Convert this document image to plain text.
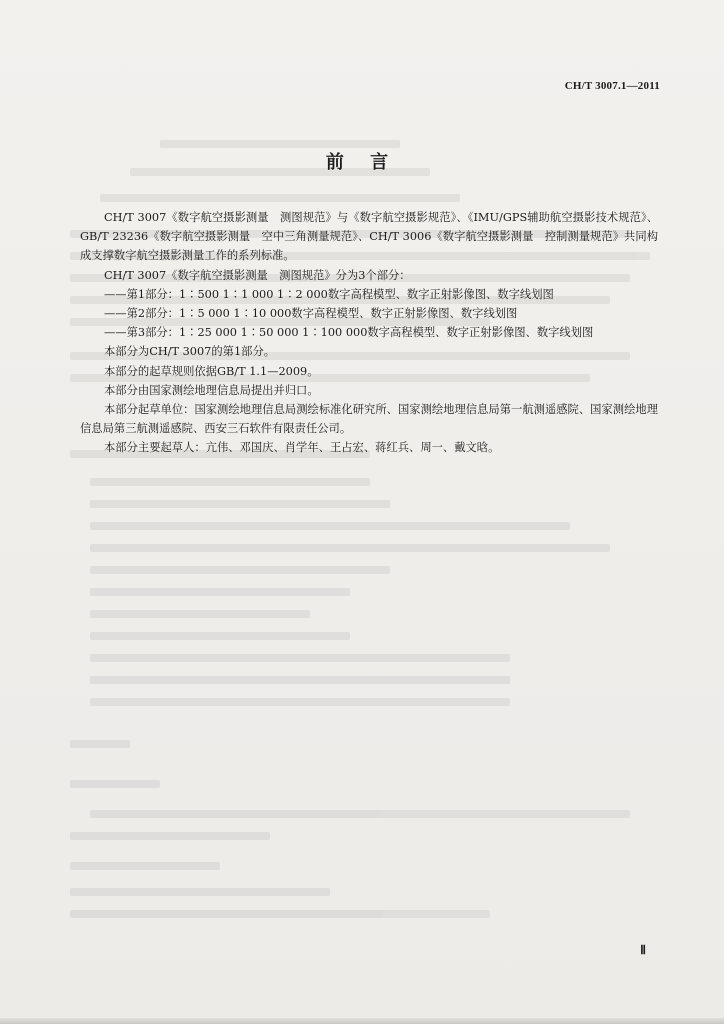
CH/T 3007.1—2011
前 言

CH/T 3007《数字航空摄影测量　测图规范》与《数字航空摄影规范》、《IMU/GPS辅助航空摄影技术规范》、GB/T 23236《数字航空摄影测量　空中三角测量规范》、CH/T 3006《数字航空摄影测量　控制测量规范》共同构成支撑数字航空摄影测量工作的系列标准。

CH/T 3007《数字航空摄影测量　测图规范》分为3个部分：

——第1部分：1∶500 1∶1 000 1∶2 000数字高程模型、数字正射影像图、数字线划图

——第2部分：1∶5 000 1∶10 000数字高程模型、数字正射影像图、数字线划图

——第3部分：1∶25 000 1∶50 000 1∶100 000数字高程模型、数字正射影像图、数字线划图

本部分为CH/T 3007的第1部分。

本部分的起草规则依据GB/T 1.1—2009。

本部分由国家测绘地理信息局提出并归口。

本部分起草单位：国家测绘地理信息局测绘标准化研究所、国家测绘地理信息局第一航测遥感院、国家测绘地理信息局第三航测遥感院、西安三石软件有限责任公司。

本部分主要起草人：亢伟、邓国庆、肖学年、王占宏、蒋红兵、周一、戴文晗。

Ⅱ
